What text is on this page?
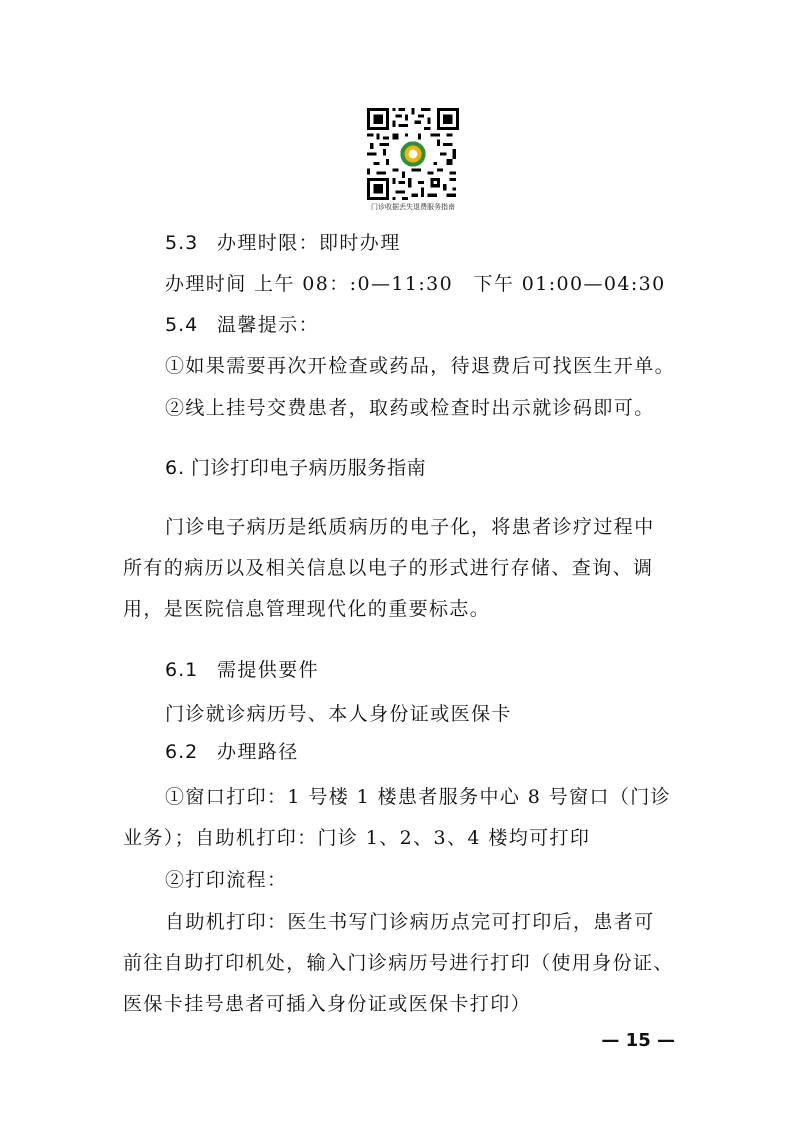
门诊收据丢失退费服务指南
5.3 办理时限：即时办理
办理时间 上午 08：:0—11:30　下午 01:00—04:30
5.4 温馨提示：
①如果需要再次开检查或药品，待退费后可找医生开单。
②线上挂号交费患者，取药或检查时出示就诊码即可。
6. 门诊打印电子病历服务指南
门诊电子病历是纸质病历的电子化，将患者诊疗过程中
所有的病历以及相关信息以电子的形式进行存储、查询、调
用，是医院信息管理现代化的重要标志。
6.1 需提供要件
门诊就诊病历号、本人身份证或医保卡
6.2 办理路径
①窗口打印：1 号楼 1 楼患者服务中心 8 号窗口（门诊
业务）；自助机打印：门诊 1、2、3、4 楼均可打印
②打印流程：
自助机打印：医生书写门诊病历点完可打印后，患者可
前往自助打印机处，输入门诊病历号进行打印（使用身份证、
医保卡挂号患者可插入身份证或医保卡打印）
— 15 —
